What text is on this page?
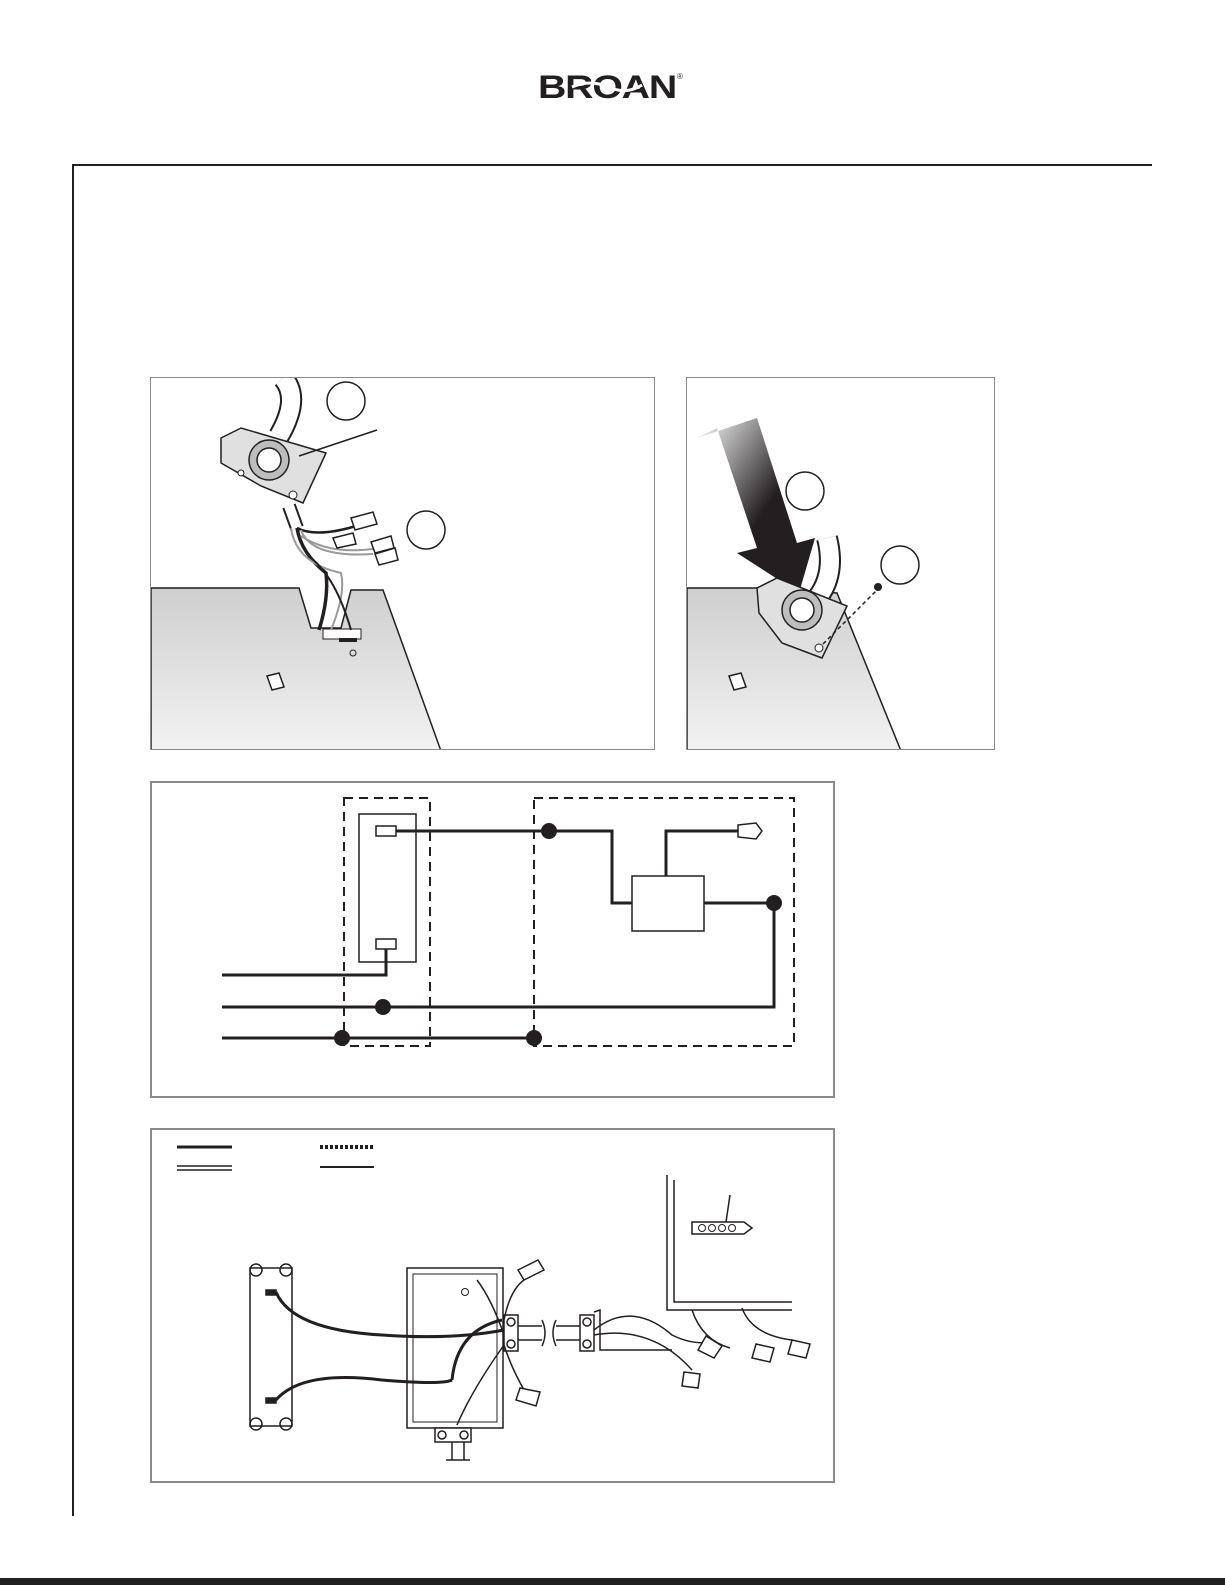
BROAN ®
